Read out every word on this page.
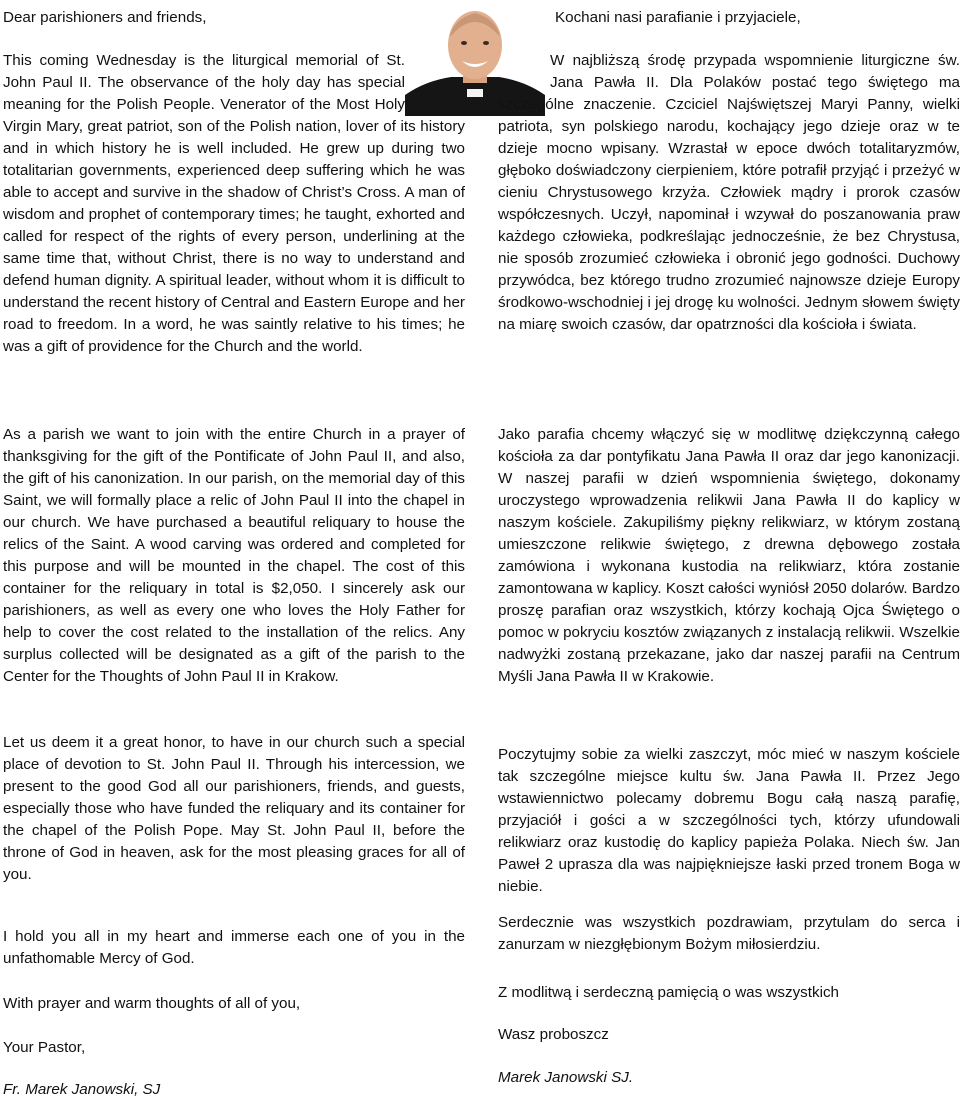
Dear parishioners and friends,

This coming Wednesday is the liturgical memorial of St. John Paul II. The observance of the holy day has special meaning for the Polish People. Venerator of the Most Holy Virgin Mary, great patriot, son of the Polish nation, lover of its history and in which history he is well included. He grew up during two totalitarian governments, experienced deep suffering which he was able to accept and survive in the shadow of Christ’s Cross. A man of wisdom and prophet of contemporary times; he taught, exhorted and called for respect of the rights of every person, underlining at the same time that, without Christ, there is no way to understand and defend human dignity. A spiritual leader, without whom it is difficult to understand the recent history of Central and Eastern Europe and her road to freedom. In a word, he was saintly relative to his times; he was a gift of providence for the Church and the world.

As a parish we want to join with the entire Church in a prayer of thanksgiving for the gift of the Pontificate of John Paul II, and also, the gift of his canonization. In our parish, on the memorial day of this Saint, we will formally place a relic of John Paul II into the chapel in our church. We have purchased a beautiful reliquary to house the relics of the Saint. A wood carving was ordered and completed for this purpose and will be mounted in the chapel. The cost of this container for the reliquary in total is $2,050. I sincerely ask our parishioners, as well as every one who loves the Holy Father for help to cover the cost related to the installation of the relics. Any surplus collected will be designated as a gift of the parish to the Center for the Thoughts of John Paul II in Krakow.

Let us deem it a great honor, to have in our church such a special place of devotion to St. John Paul II. Through his intercession, we present to the good God all our parishioners, friends, and guests, especially those who have funded the reliquary and its container for the chapel of the Polish Pope. May St. John Paul II, before the throne of God in heaven, ask for the most pleasing graces for all of you.

I hold you all in my heart and immerse each one of you in the unfathomable Mercy of God.

With prayer and warm thoughts of all of you,

Your Pastor,

Fr. Marek Janowski, SJ

Kochani nasi parafianie i przyjaciele,

W najbliższą środę przypada wspomnienie liturgiczne św. Jana Pawła II. Dla Polaków postać tego świętego ma szczególne znaczenie. Czciciel Najświętszej Maryi Panny, wielki patriota, syn polskiego narodu, kochający jego dzieje oraz w te dzieje mocno wpisany. Wzrastał w epoce dwóch totalitaryzmów, głęboko doświadczony cierpieniem, które potrafił przyjąć i przeżyć w cieniu Chrystusowego krzyża. Człowiek mądry i prorok czasów współczesnych. Uczył, napominał i wzywał do poszanowania praw każdego człowieka, podkreślając jednocześnie, że bez Chrystusa, nie sposób zrozumieć człowieka i obronić jego godności. Duchowy przywódca, bez którego trudno zrozumieć najnowsze dzieje Europy środkowo-wschodniej i jej drogę ku wolności. Jednym słowem święty na miarę swoich czasów, dar opatrzności dla kościoła i świata.

Jako parafia chcemy włączyć się w modlitwę dziękczynną całego kościoła za dar pontyfikatu Jana Pawła II oraz dar jego kanonizacji. W naszej parafii w dzień wspomnienia świętego, dokonamy uroczystego wprowadzenia relikwii Jana Pawła II do kaplicy w naszym kościele. Zakupiliśmy piękny relikwiarz, w którym zostaną umieszczone relikwie świętego, z drewna dębowego została zamówiona i wykonana kustodia na relikwiarz, która zostanie zamontowana w kaplicy. Koszt całości wyniósł 2050 dolarów. Bardzo proszę parafian oraz wszystkich, którzy kochają Ojca Świętego o pomoc w pokryciu kosztów związanych z instalacją relikwii. Wszelkie nadwyżki zostaną przekazane, jako dar naszej parafii na Centrum Myśli Jana Pawła II w Krakowie.

Poczytujmy sobie za wielki zaszczyt, móc mieć w naszym kościele tak szczególne miejsce kultu św. Jana Pawła II. Przez Jego wstawiennictwo polecamy dobremu Bogu całą naszą parafię, przyjaciół i gości a w szczególności tych, którzy ufundowali relikwiarz oraz kustodię do kaplicy papieża Polaka. Niech św. Jan Paweł 2 uprasza dla was najpiękniejsze łaski przed tronem Boga w niebie.

Serdecznie was wszystkich pozdrawiam, przytulam do serca i zanurzam w niezgłębionym Bożym miłosierdziu.

Z modlitwą i serdeczną pamięcią o was wszystkich

Wasz proboszcz

Marek Janowski SJ.
